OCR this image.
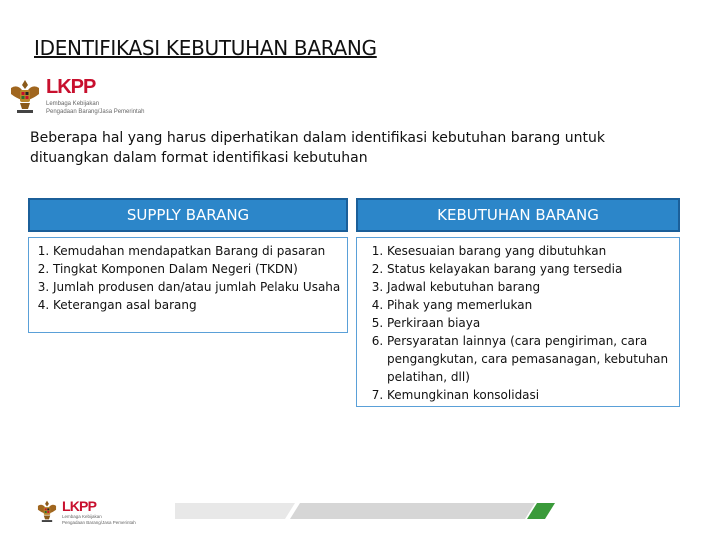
IDENTIFIKASI KEBUTUHAN BARANG
LKPP
Lembaga Kebijakan
Pengadaan Barang/Jasa Pemerintah
Beberapa hal yang harus diperhatikan dalam identifikasi kebutuhan barang untuk dituangkan dalam format identifikasi kebutuhan
SUPPLY BARANG	KEBUTUHAN BARANG
1. Kemudahan mendapatkan Barang di pasaran
2. Tingkat Komponen Dalam Negeri (TKDN)
3. Jumlah produsen dan/atau jumlah Pelaku Usaha
4. Keterangan asal barang
1. Kesesuaian barang yang dibutuhkan
2. Status kelayakan barang yang tersedia
3. Jadwal kebutuhan barang
4. Pihak yang memerlukan
5. Perkiraan biaya
6. Persyaratan lainnya (cara pengiriman, cara pengangkutan, cara pemasanagan, kebutuhan pelatihan, dll)
7. Kemungkinan konsolidasi
LKPP
Lembaga Kebijakan
Pengadaan Barang/Jasa Pemerintah
